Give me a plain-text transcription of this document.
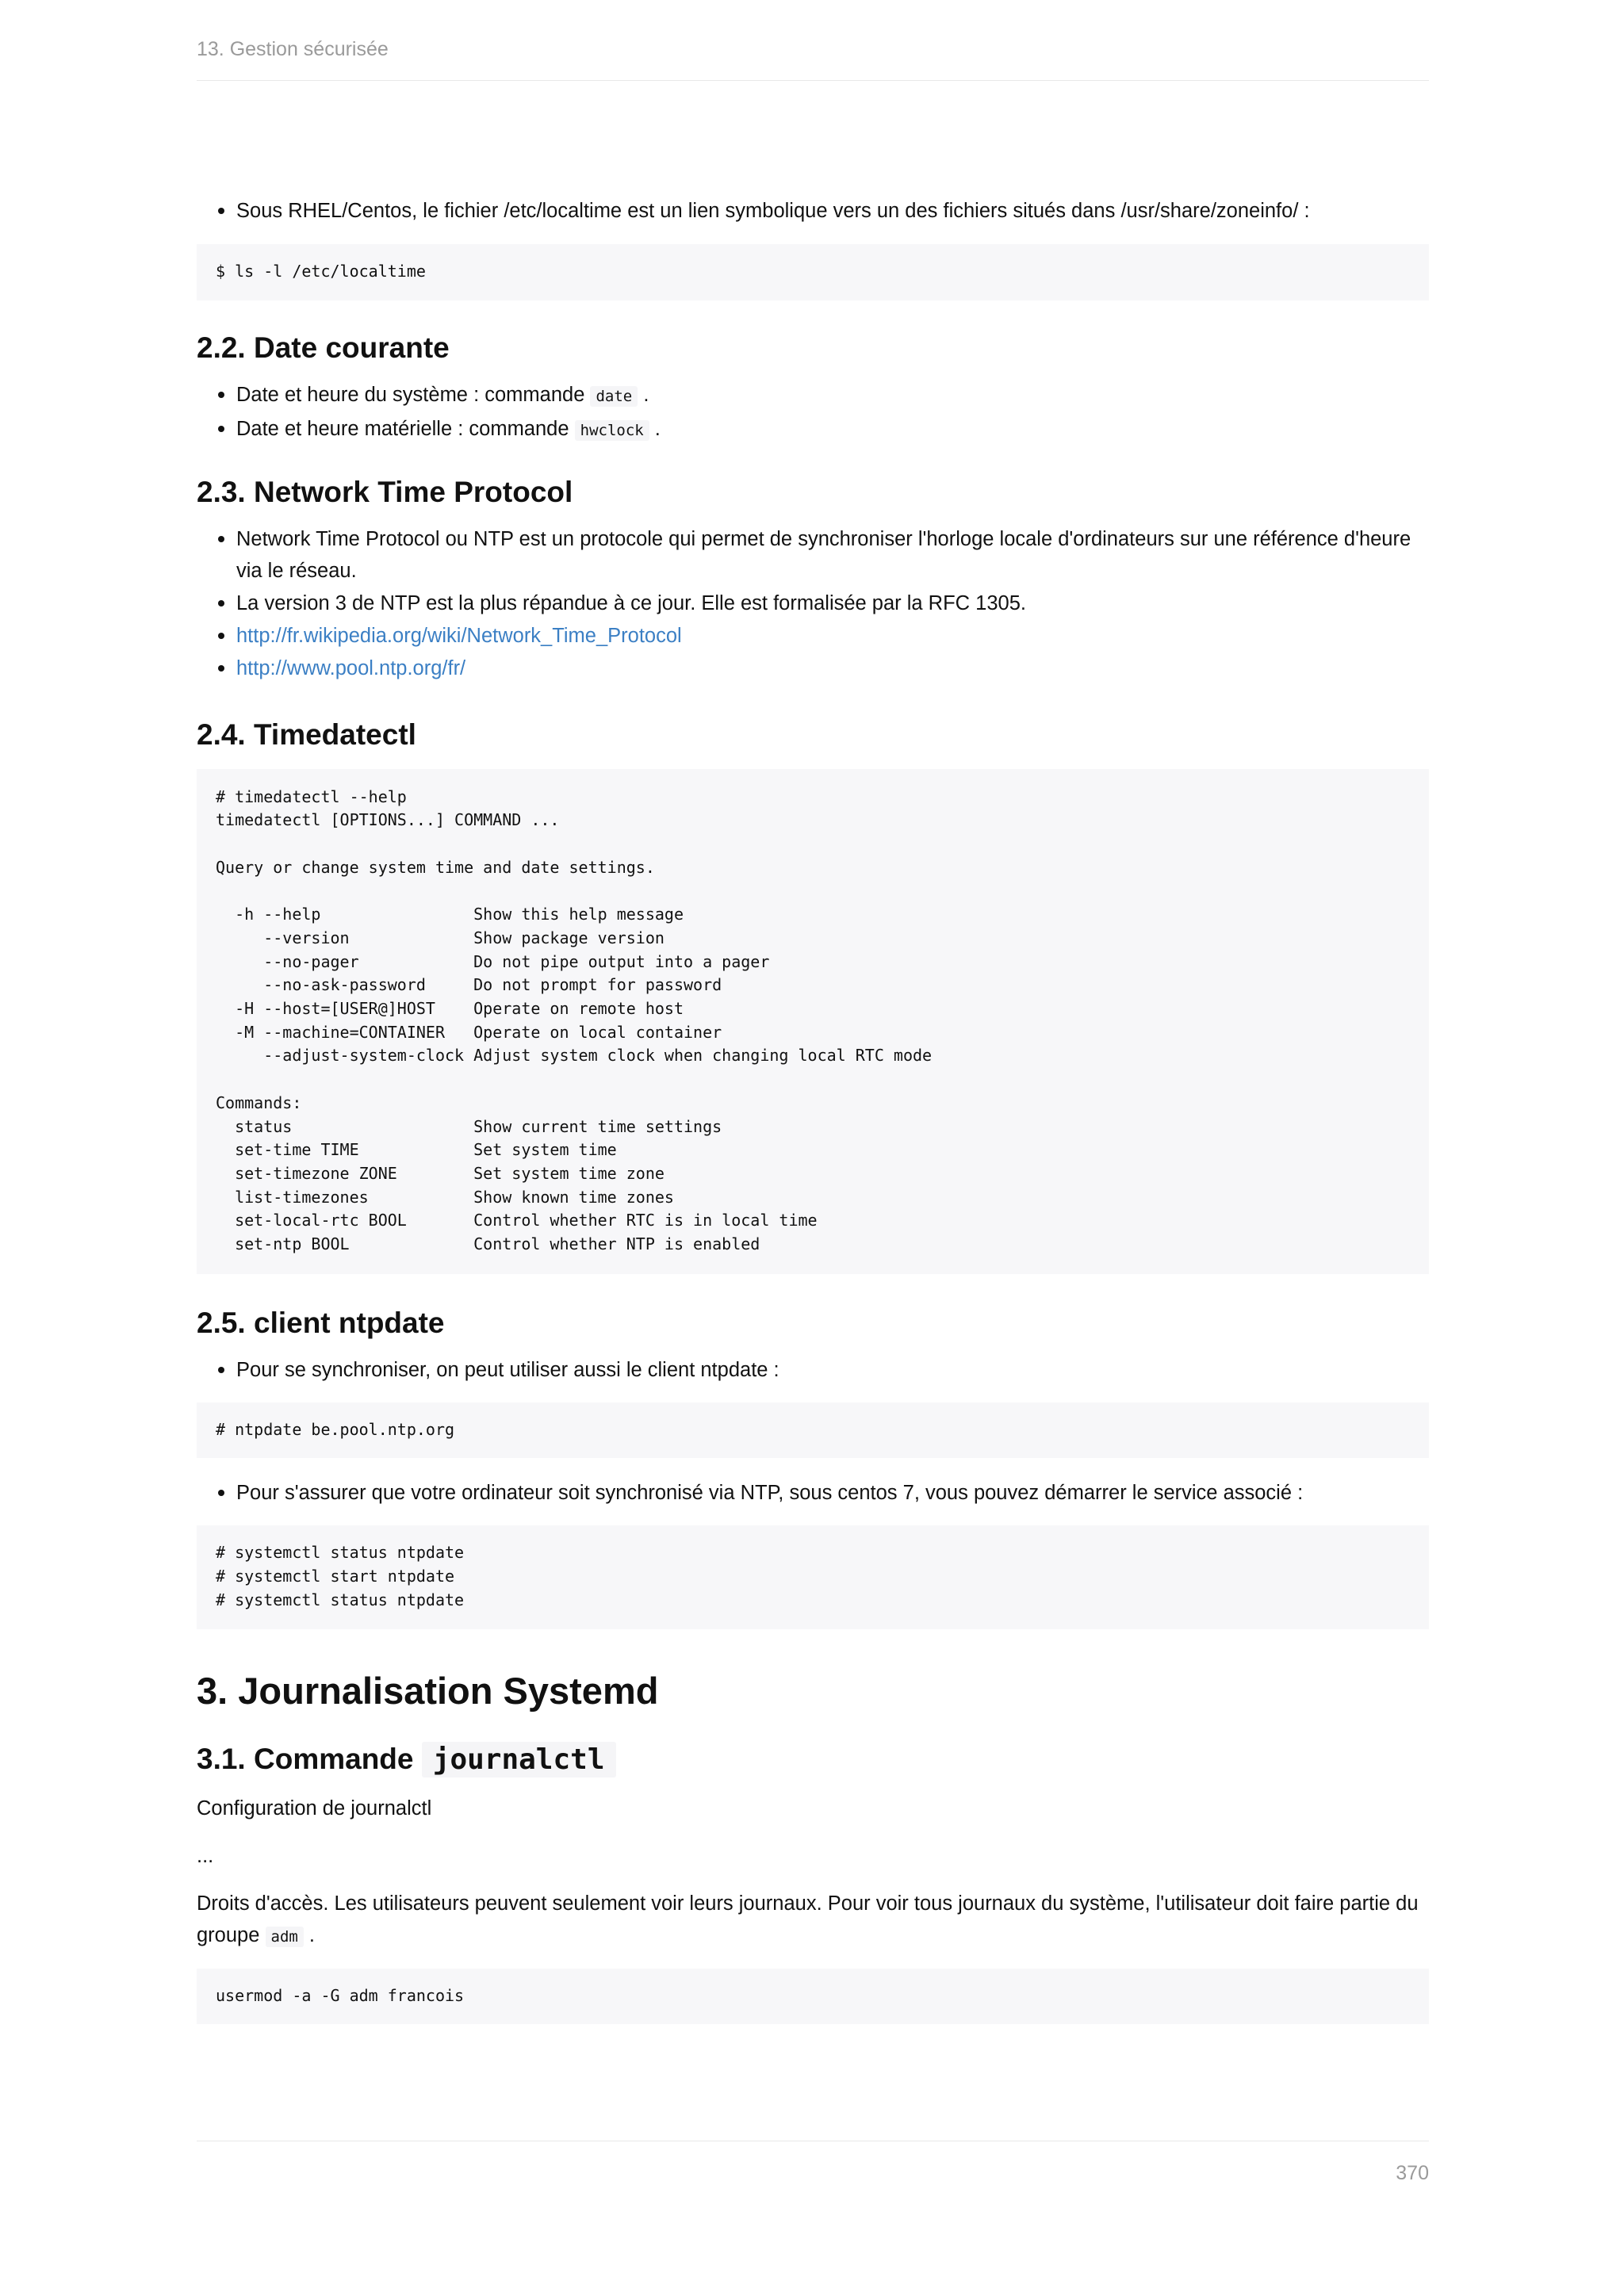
13. Gestion sécurisée
• Sous RHEL/Centos, le fichier /etc/localtime est un lien symbolique vers un des fichiers situés dans /usr/share/zoneinfo/ :
$ ls -l /etc/localtime
2.2. Date courante
• Date et heure du système : commande date .
• Date et heure matérielle : commande hwclock .
2.3. Network Time Protocol
• Network Time Protocol ou NTP est un protocole qui permet de synchroniser l'horloge locale d'ordinateurs sur une référence d'heure via le réseau.
• La version 3 de NTP est la plus répandue à ce jour. Elle est formalisée par la RFC 1305.
• http://fr.wikipedia.org/wiki/Network_Time_Protocol
• http://www.pool.ntp.org/fr/
2.4. Timedatectl
# timedatectl --help
timedatectl [OPTIONS...] COMMAND ...

Query or change system time and date settings.

-h --help                Show this help message
--version             Show package version
--no-pager            Do not pipe output into a pager
--no-ask-password     Do not prompt for password
-H --host=[USER@]HOST    Operate on remote host
-M --machine=CONTAINER   Operate on local container
--adjust-system-clock Adjust system clock when changing local RTC mode

Commands:
status                   Show current time settings
set-time TIME            Set system time
set-timezone ZONE        Set system time zone
list-timezones           Show known time zones
set-local-rtc BOOL       Control whether RTC is in local time
set-ntp BOOL             Control whether NTP is enabled
2.5. client ntpdate
• Pour se synchroniser, on peut utiliser aussi le client ntpdate :
# ntpdate be.pool.ntp.org
• Pour s'assurer que votre ordinateur soit synchronisé via NTP, sous centos 7, vous pouvez démarrer le service associé :
# systemctl status ntpdate
# systemctl start ntpdate
# systemctl status ntpdate
3. Journalisation Systemd
3.1. Commande journalctl

Configuration de journalctl

...

Droits d'accès. Les utilisateurs peuvent seulement voir leurs journaux. Pour voir tous journaux du système, l'utilisateur doit faire partie du groupe adm .

usermod -a -G adm francois
370
